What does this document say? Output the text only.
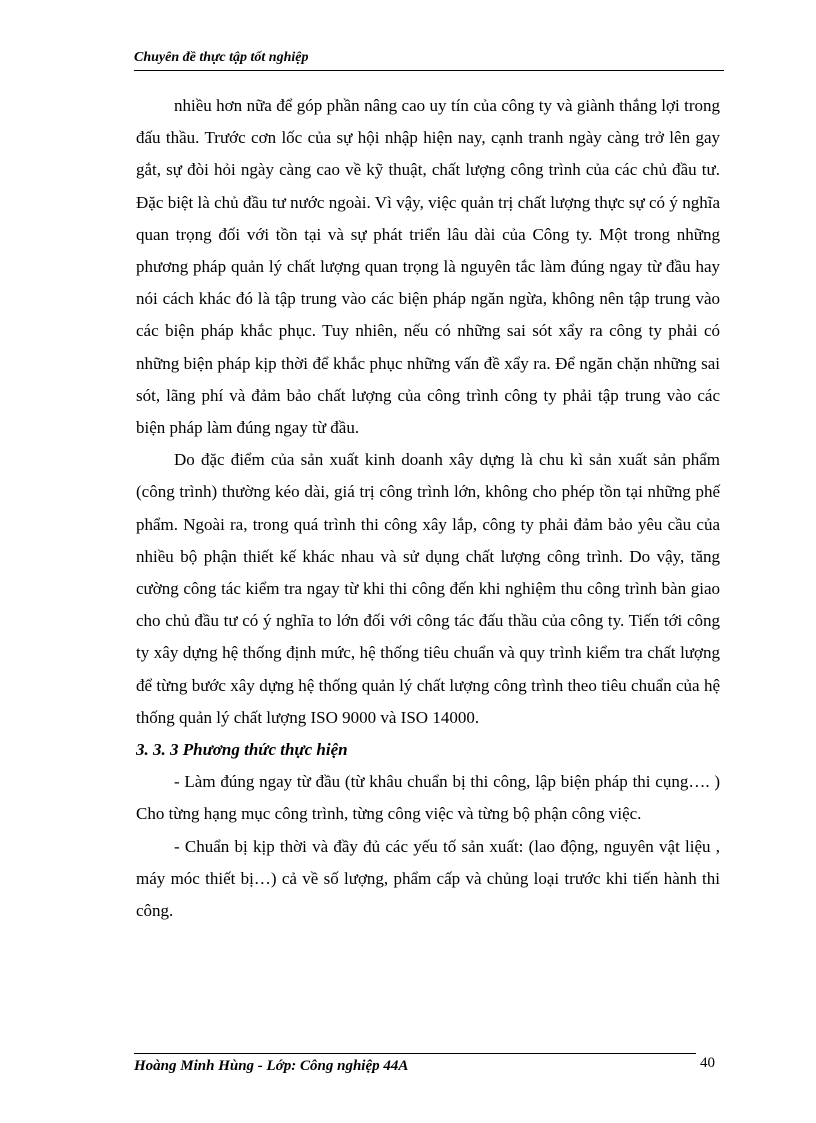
Chuyên đề thực tập tốt nghiệp

nhiều hơn nữa để góp phần nâng cao uy tín của công ty và giành thắng lợi trong đấu thầu. Trước cơn lốc của sự hội nhập hiện nay, cạnh tranh ngày càng trở lên gay gắt, sự đòi hỏi ngày càng cao về kỹ thuật, chất lượng công trình của các chủ đầu tư. Đặc biệt là chủ đầu tư nước ngoài. Vì vậy, việc quản trị chất lượng thực sự có ý nghĩa quan trọng đối với tồn tại và sự phát triển lâu dài của Công ty. Một trong những phương pháp quản lý chất lượng quan trọng là nguyên tắc làm đúng ngay từ đầu hay nói cách khác đó là tập trung vào các biện pháp ngăn ngừa, không nên tập trung vào các biện pháp khắc phục. Tuy nhiên, nếu có những sai sót xẩy ra công ty phải có những biện pháp kịp thời để khắc phục những vấn đề xẩy ra. Để ngăn chặn những sai sót, lãng phí và đảm bảo chất lượng của công trình công ty phải tập trung vào các biện pháp làm đúng ngay từ đầu.

Do đặc điểm của sản xuất kinh doanh xây dựng là chu kì sản xuất sản phẩm (công trình) thường kéo dài, giá trị công trình lớn, không cho phép tồn tại những phế phẩm. Ngoài ra, trong quá trình thi công xây lắp, công ty phải đảm bảo yêu cầu của nhiều bộ phận thiết kế khác nhau và sử dụng chất lượng công trình. Do vậy, tăng cường công tác kiểm tra ngay từ khi thi công đến khi nghiệm thu công trình bàn giao cho chủ đầu tư có ý nghĩa to lớn đối với công tác đấu thầu của công ty. Tiến tới công ty xây dựng hệ thống định mức, hệ thống tiêu chuẩn và quy trình kiểm tra chất lượng để từng bước xây dựng hệ thống quản lý chất lượng công trình theo tiêu chuẩn của hệ thống quản lý chất lượng ISO 9000 và ISO 14000.

3. 3. 3 Phương thức thực hiện

- Làm đúng ngay từ đầu (từ khâu chuẩn bị thi công, lập biện pháp thi cụng…. ) Cho từng hạng mục công trình, từng công việc và từng bộ phận công việc.

- Chuẩn bị kịp thời và đầy đủ các yếu tố sản xuất: (lao động, nguyên vật liệu , máy móc thiết bị…) cả về số lượng, phẩm cấp và chủng loại trước khi tiến hành thi công.

Hoàng Minh Hùng - Lớp: Công nghiệp 44A	40
